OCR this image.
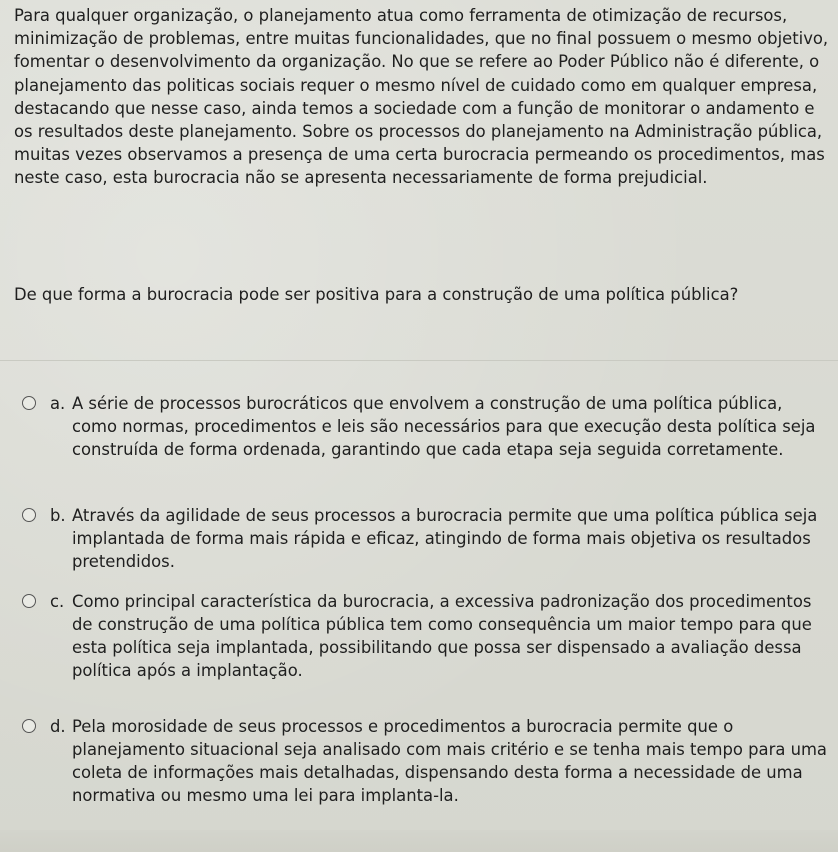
Para qualquer organização, o planejamento atua como ferramenta de otimização de recursos, minimização de problemas, entre muitas funcionalidades, que no final possuem o mesmo objetivo, fomentar o desenvolvimento da organização. No que se refere ao Poder Público não é diferente, o planejamento das politicas sociais requer o mesmo nível de cuidado como em qualquer empresa, destacando que nesse caso, ainda temos a sociedade com a função de monitorar o andamento e os resultados deste planejamento. Sobre os processos do planejamento na Administração pública, muitas vezes observamos a presença de uma certa burocracia permeando os procedimentos, mas neste caso, esta burocracia não se apresenta necessariamente de forma prejudicial.

De que forma a burocracia pode ser positiva para a construção de uma política pública?

a. A série de processos burocráticos que envolvem a construção de uma política pública, como normas, procedimentos e leis são necessários para que execução desta política seja construída de forma ordenada, garantindo que cada etapa seja seguida corretamente.
b. Através da agilidade de seus processos a burocracia permite que uma política pública seja implantada de forma mais rápida e eficaz, atingindo de forma mais objetiva os resultados pretendidos.
c. Como principal característica da burocracia, a excessiva padronização dos procedimentos de construção de uma política pública tem como consequência um maior tempo para que esta política seja implantada, possibilitando que possa ser dispensado a avaliação dessa política após a implantação.
d. Pela morosidade de seus processos e procedimentos a burocracia permite que o planejamento situacional seja analisado com mais critério e se tenha mais tempo para uma coleta de informações mais detalhadas, dispensando desta forma a necessidade de uma normativa ou mesmo uma lei para implanta-la.
